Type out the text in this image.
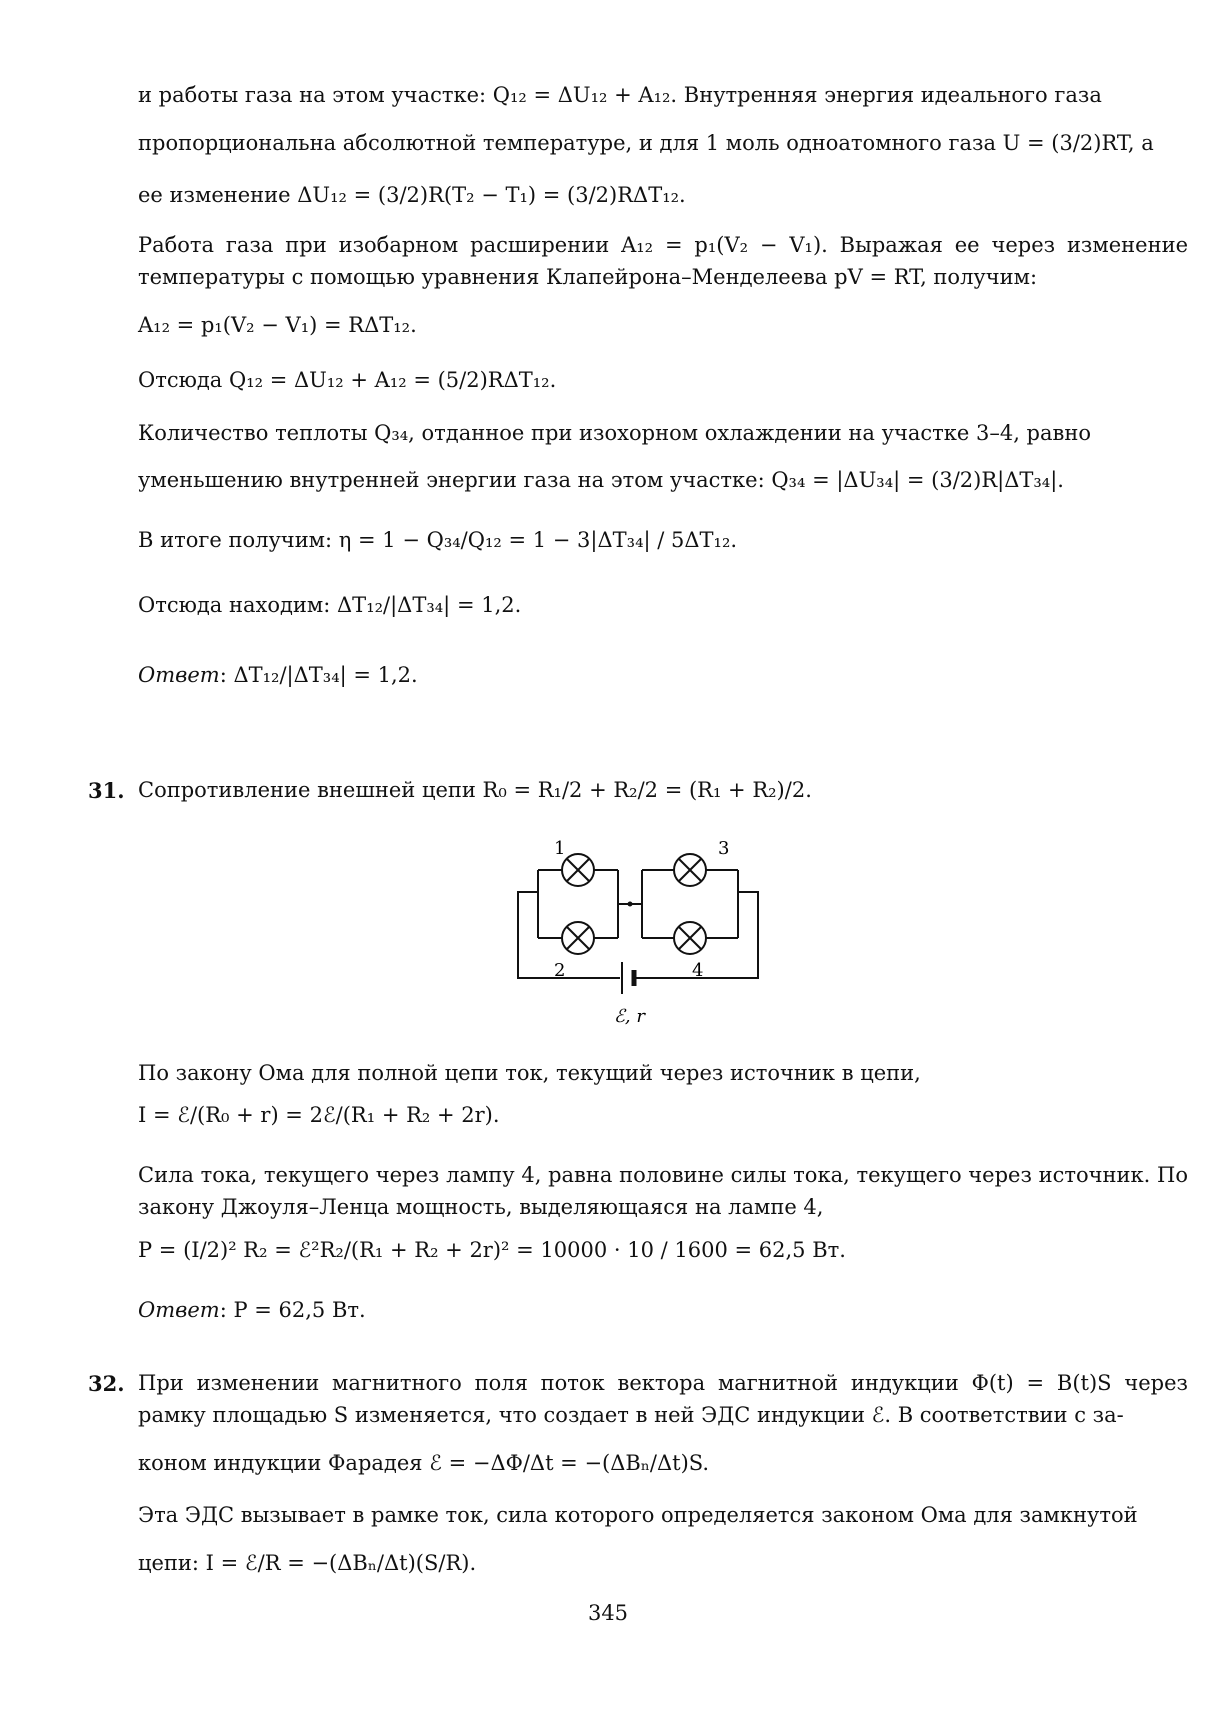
и работы газа на этом участке: Q₁₂ = ΔU₁₂ + A₁₂. Внутренняя энергия идеального газа
пропорциональна абсолютной температуре, и для 1 моль одноатомного газа U = (3/2)RT, а
ее изменение ΔU₁₂ = (3/2)R(T₂ − T₁) = (3/2)RΔT₁₂.
Работа газа при изобарном расширении A₁₂ = p₁(V₂ − V₁). Выражая ее через изменение температуры с помощью уравнения Клапейрона–Менделеева pV = RT, получим:
A₁₂ = p₁(V₂ − V₁) = RΔT₁₂.
Отсюда Q₁₂ = ΔU₁₂ + A₁₂ = (5/2)RΔT₁₂.
Количество теплоты Q₃₄, отданное при изохорном охлаждении на участке 3–4, равно
уменьшению внутренней энергии газа на этом участке: Q₃₄ = |ΔU₃₄| = (3/2)R|ΔT₃₄|.
В итоге получим: η = 1 − Q₃₄/Q₁₂ = 1 − 3|ΔT₃₄| / 5ΔT₁₂.
Отсюда находим: ΔT₁₂/|ΔT₃₄| = 1,2.
Ответ: ΔT₁₂/|ΔT₃₄| = 1,2.
31. Сопротивление внешней цепи R₀ = R₁/2 + R₂/2 = (R₁ + R₂)/2.
1
2
3
4
ℰ, r
По закону Ома для полной цепи ток, текущий через источник в цепи,
I = ℰ/(R₀ + r) = 2ℰ/(R₁ + R₂ + 2r).
Сила тока, текущего через лампу 4, равна половине силы тока, текущего через источник. По закону Джоуля–Ленца мощность, выделяющаяся на лампе 4,
P = (I/2)² R₂ = ℰ²R₂/(R₁ + R₂ + 2r)² = 10000 · 10 / 1600 = 62,5 Вт.
Ответ: P = 62,5 Вт.
32. При изменении магнитного поля поток вектора магнитной индукции Φ(t) = B(t)S через рамку площадью S изменяется, что создает в ней ЭДС индукции ℰ. В соответствии с за-
коном индукции Фарадея ℰ = −ΔΦ/Δt = −(ΔBₙ/Δt)S.
Эта ЭДС вызывает в рамке ток, сила которого определяется законом Ома для замкнутой
цепи: I = ℰ/R = −(ΔBₙ/Δt)(S/R).
345
